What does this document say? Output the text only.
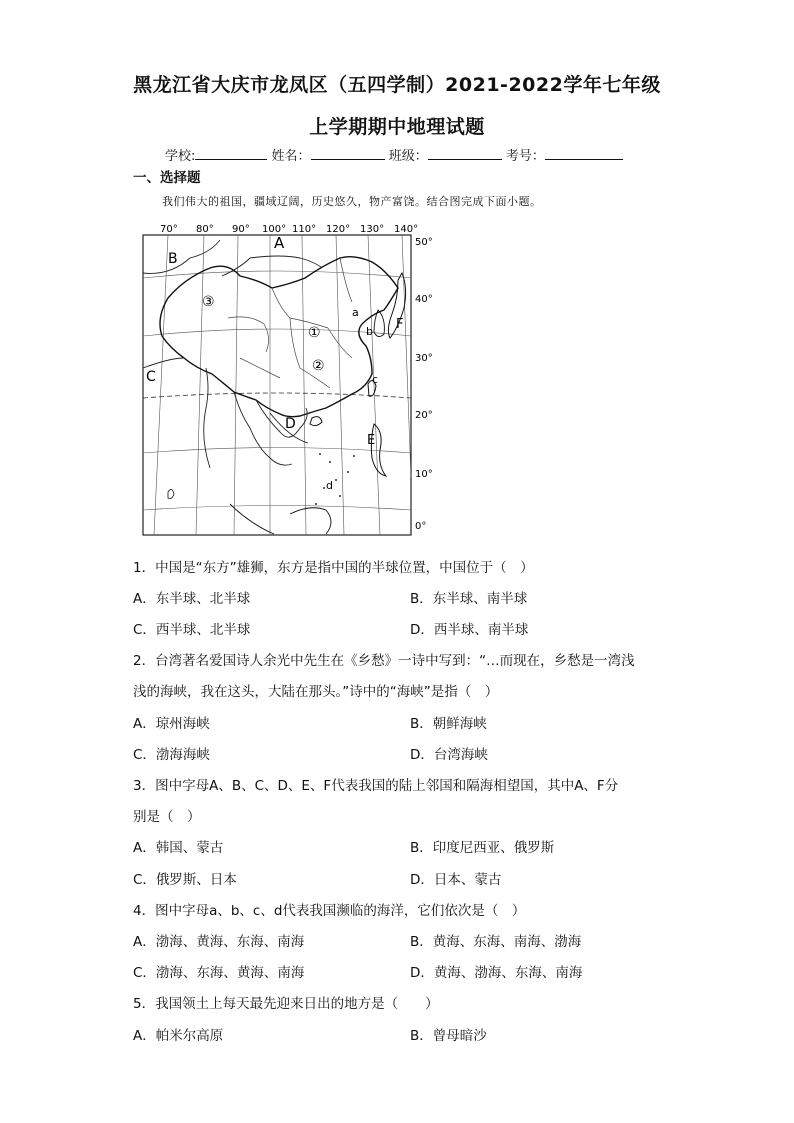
黑龙江省大庆市龙凤区（五四学制）2021-2022学年七年级
上学期期中地理试题
学校:	姓名：	班级：	考号：
一、选择题
我们伟大的祖国，疆域辽阔，历史悠久，物产富饶。结合图完成下面小题。
70° 80° 90° 100° 110° 120° 130° 140°
50°
40°
30°
20°
10°
0°
A
B
C
D
E
F
a
b
c
d
①
②
③
1．中国是“东方”雄狮，东方是指中国的半球位置，中国位于（　）
A．东半球、北半球	B．东半球、南半球
C．西半球、北半球	D．西半球、南半球
2．台湾著名爱国诗人余光中先生在《乡愁》一诗中写到：“…而现在，乡愁是一湾浅
浅的海峡，我在这头，大陆在那头。”诗中的“海峡”是指（　）
A．琼州海峡	B．朝鲜海峡
C．渤海海峡	D．台湾海峡
3．图中字母A、B、C、D、E、F代表我国的陆上邻国和隔海相望国，其中A、F分
别是（　）
A．韩国、蒙古	B．印度尼西亚、俄罗斯
C．俄罗斯、日本	D．日本、蒙古
4．图中字母a、b、c、d代表我国濒临的海洋，它们依次是（　）
A．渤海、黄海、东海、南海	B．黄海、东海、南海、渤海
C．渤海、东海、黄海、南海	D．黄海、渤海、东海、南海
5．我国领土上每天最先迎来日出的地方是（　　）
A．帕米尔高原	B．曾母暗沙
